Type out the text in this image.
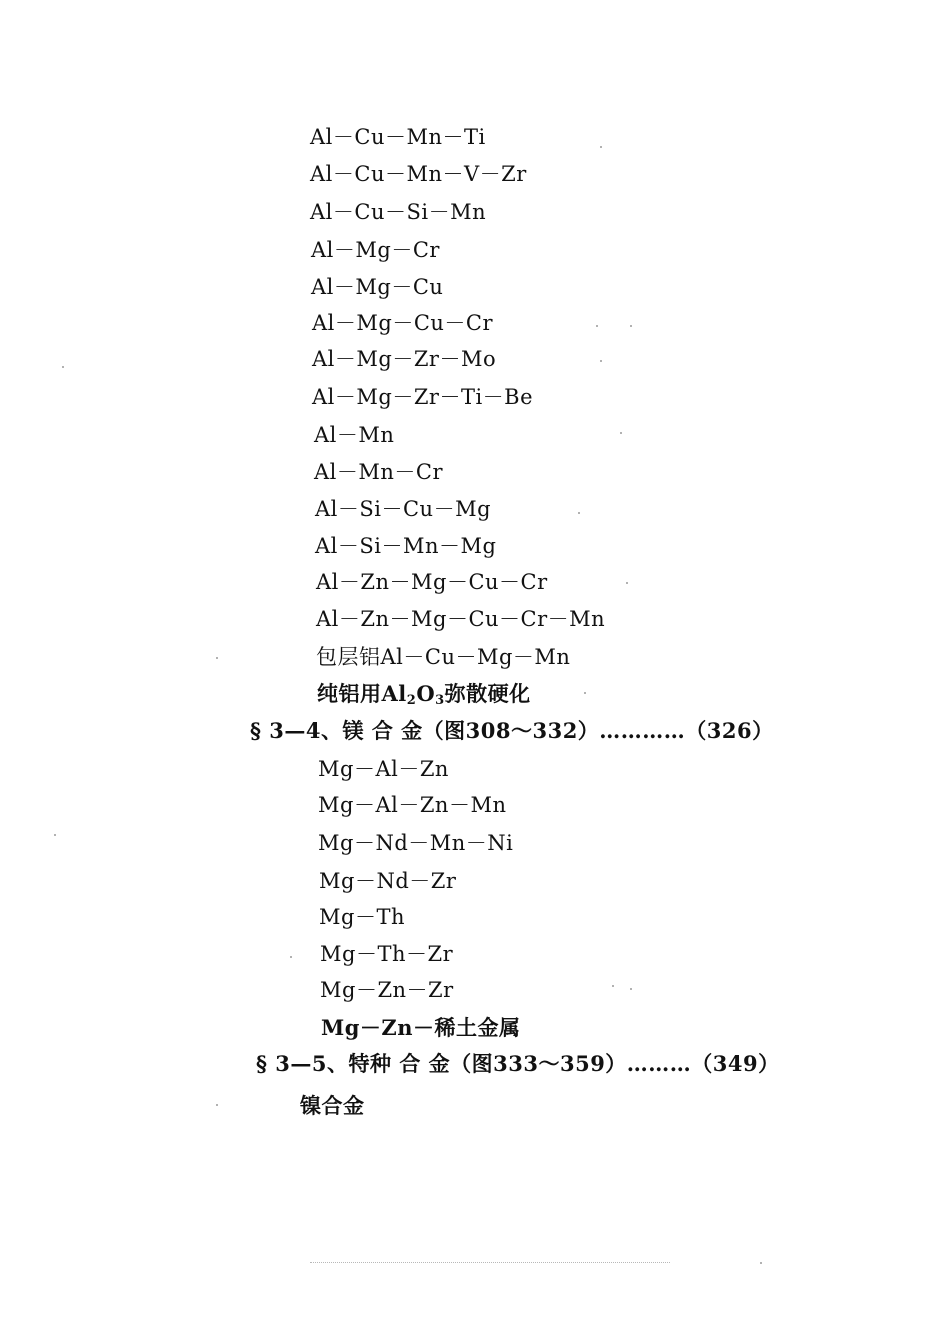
Al－Cu－Mn－Ti
Al－Cu－Mn－V－Zr
Al－Cu－Si－Mn
Al－Mg－Cr
Al－Mg－Cu
Al－Mg－Cu－Cr
Al－Mg－Zr－Mo
Al－Mg－Zr－Ti－Be
Al－Mn
Al－Mn－Cr
Al－Si－Cu－Mg
Al－Si－Mn－Mg
Al－Zn－Mg－Cu－Cr
Al－Zn－Mg－Cu－Cr－Mn
包层铝Al－Cu－Mg－Mn
纯铝用$Al_2O_3$弥散硬化
§ 3—4、镁 合 金（图308～332）…………（326）
Mg－Al－Zn
Mg－Al－Zn－Mn
Mg－Nd－Mn－Ni
Mg－Nd－Zr
Mg－Th
Mg－Th－Zr
Mg－Zn－Zr
Mg－Zn－稀土金属
§ 3—5、特种 合 金（图333～359）………（349）
镍合金
